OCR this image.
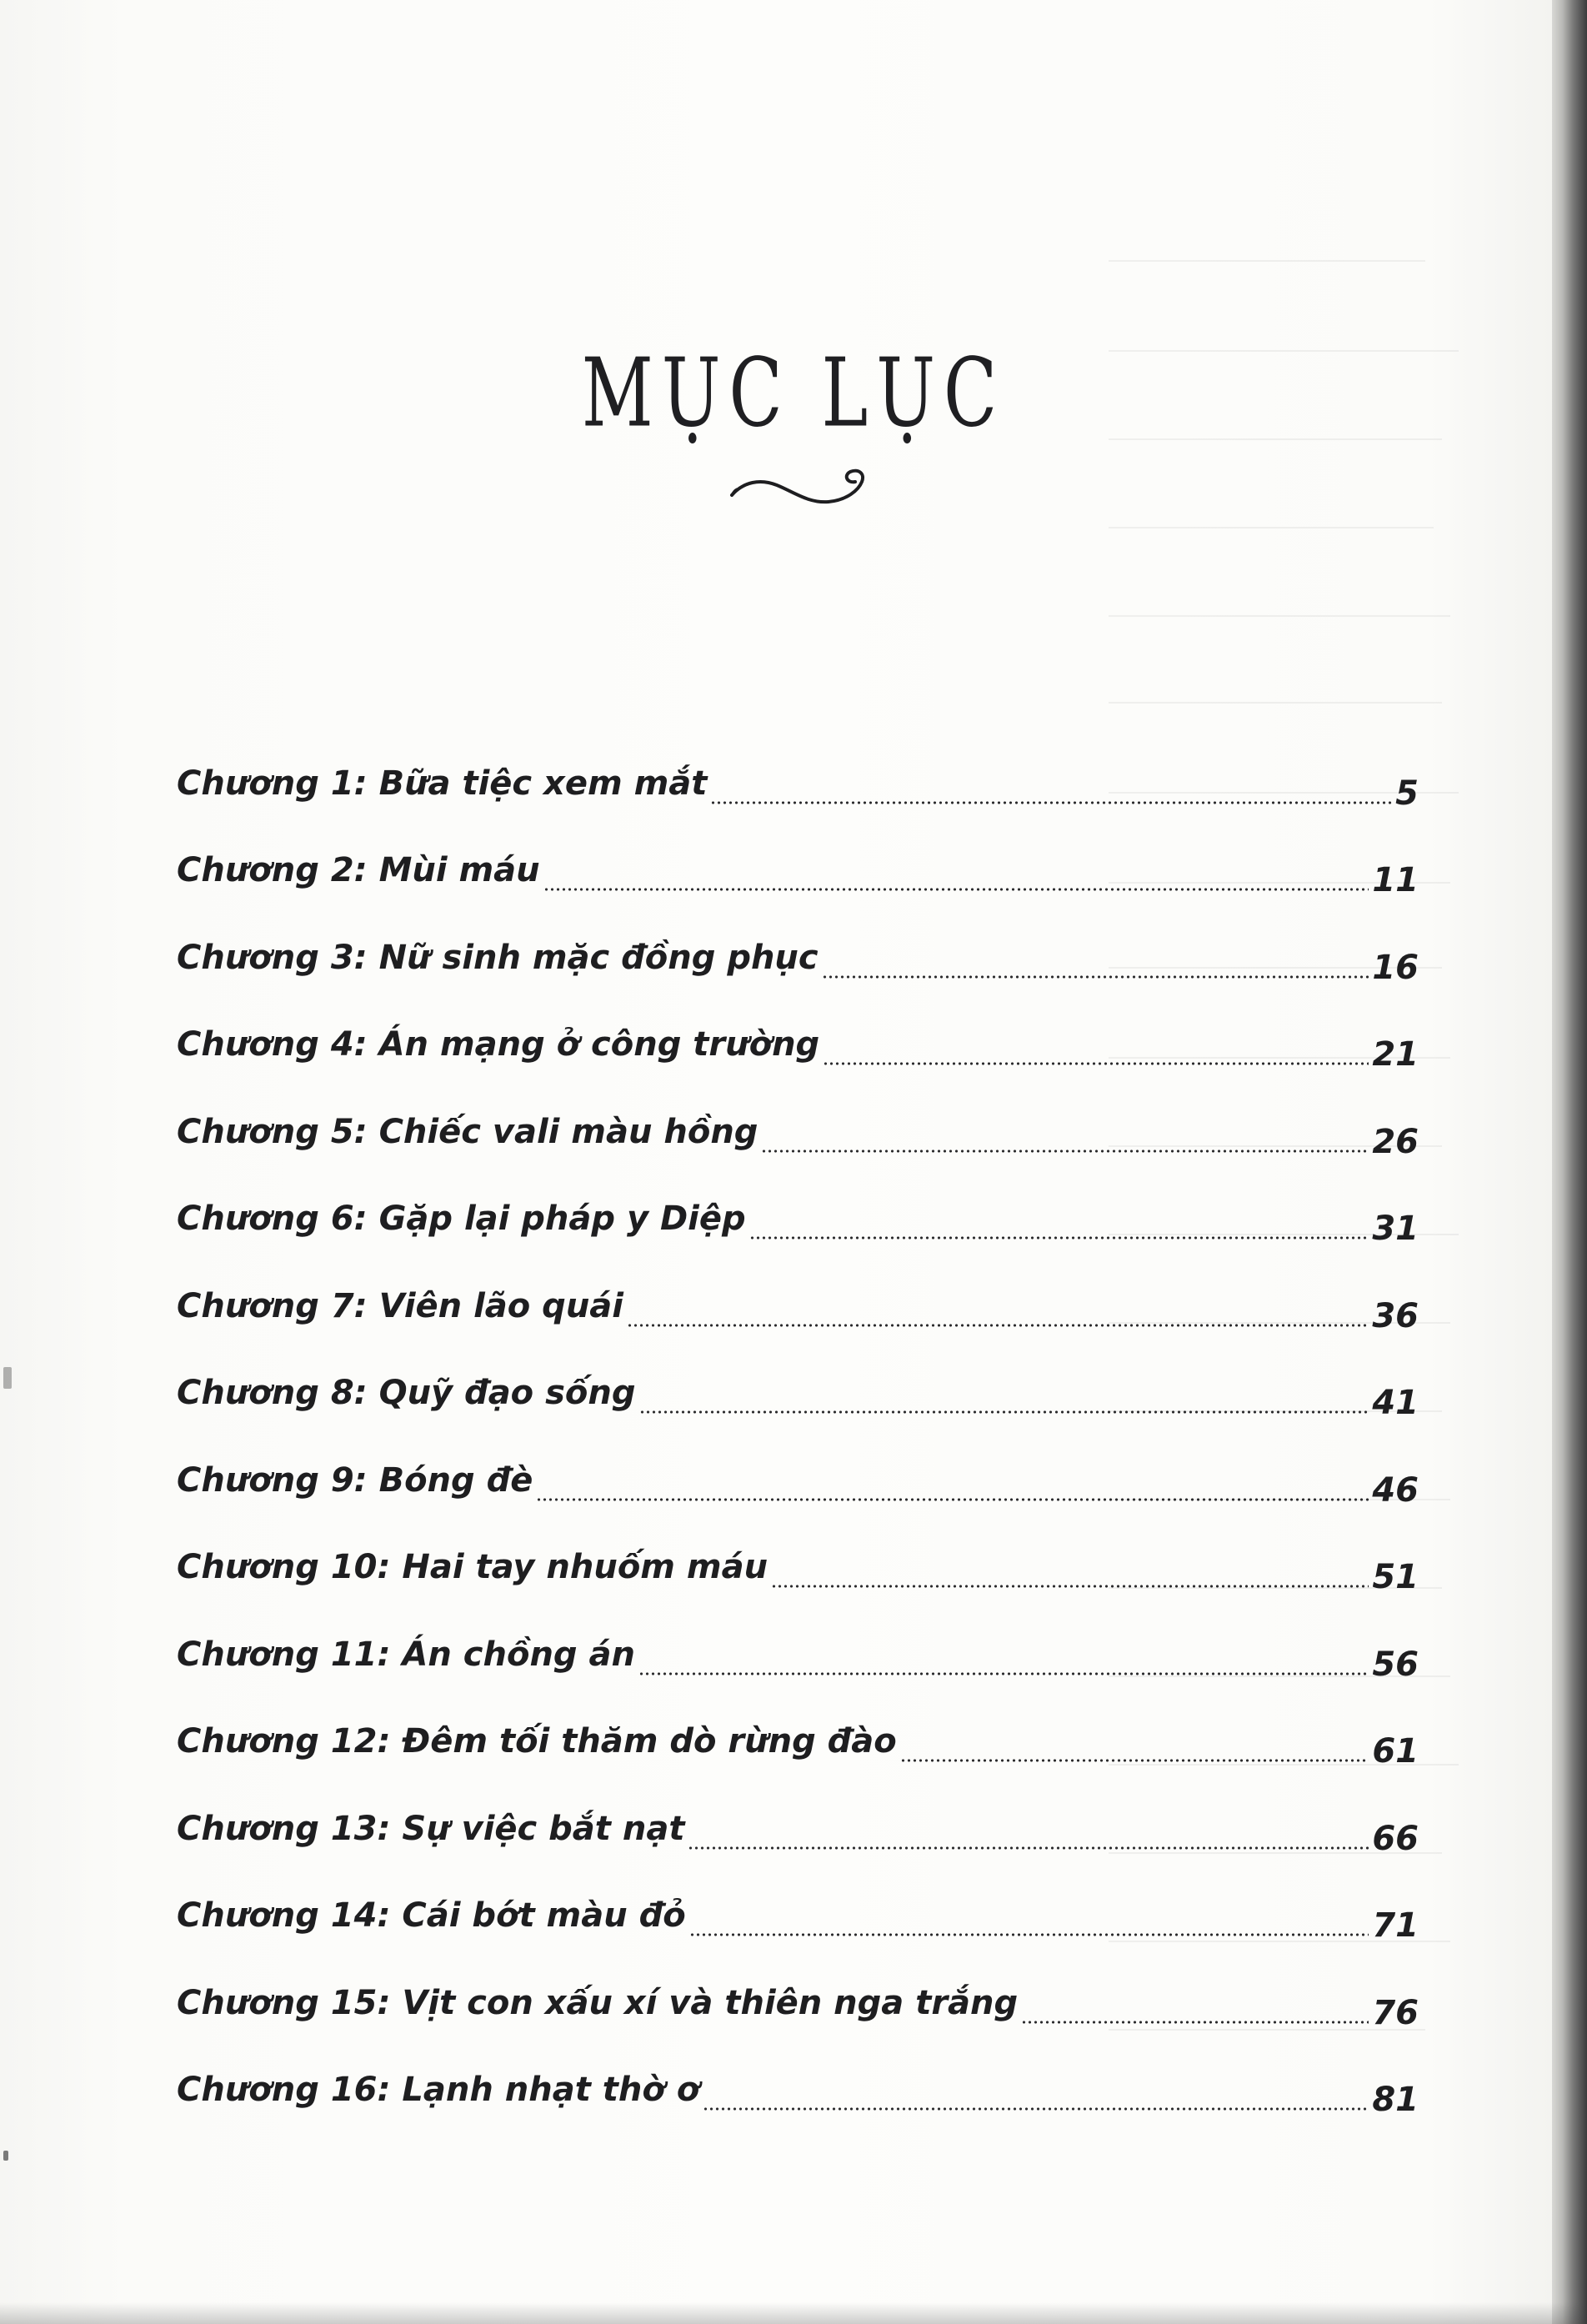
MỤC LỤC
Chương 1: Bữa tiệc xem mắt	5
Chương 2: Mùi máu	11
Chương 3: Nữ sinh mặc đồng phục	16
Chương 4: Án mạng ở công trường	21
Chương 5: Chiếc vali màu hồng	26
Chương 6: Gặp lại pháp y Diệp	31
Chương 7: Viên lão quái	36
Chương 8: Quỹ đạo sống	41
Chương 9: Bóng đè	46
Chương 10: Hai tay nhuốm máu	51
Chương 11: Án chồng án	56
Chương 12: Đêm tối thăm dò rừng đào	61
Chương 13: Sự việc bắt nạt	66
Chương 14: Cái bớt màu đỏ	71
Chương 15: Vịt con xấu xí và thiên nga trắng	76
Chương 16: Lạnh nhạt thờ ơ	81
